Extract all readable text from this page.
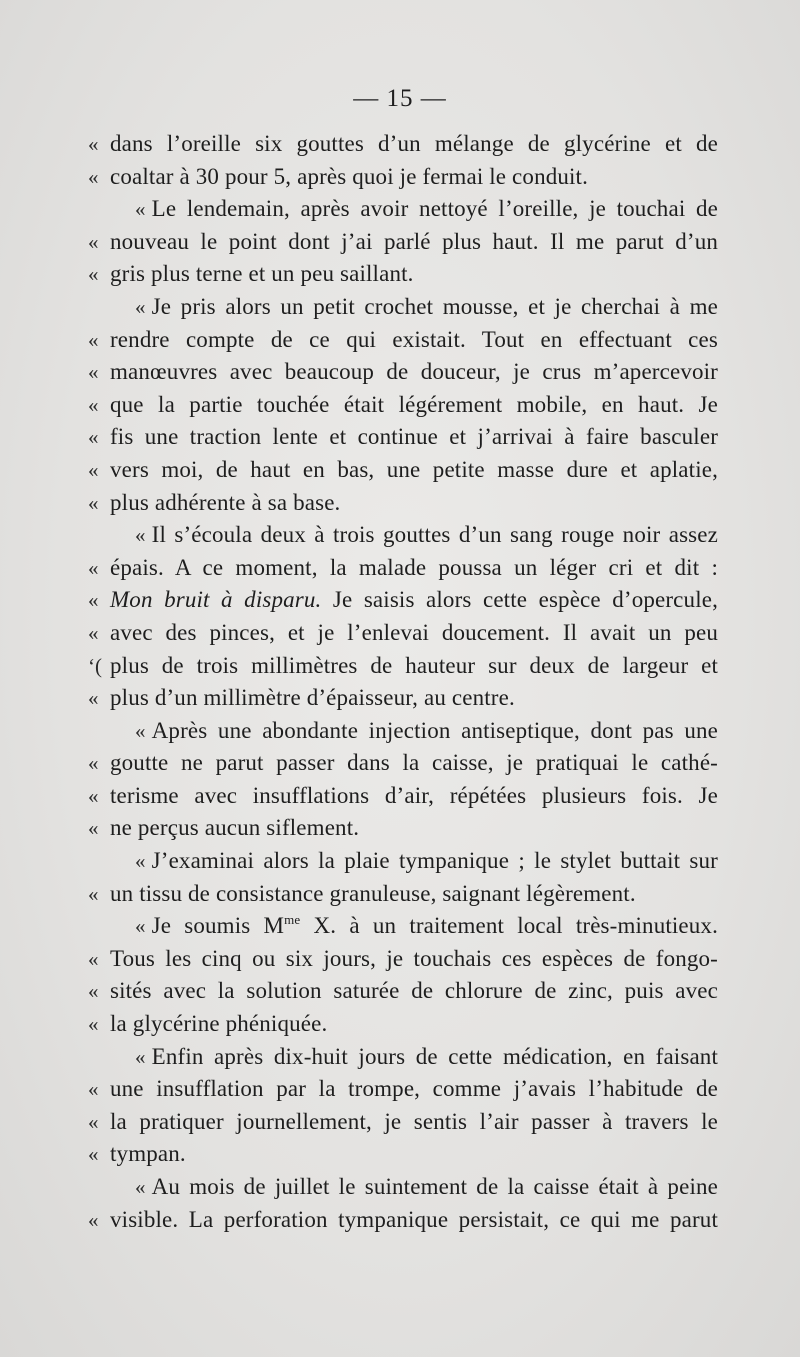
— 15 —
« dans l’oreille six gouttes d’un mélange de glycérine et de
« coaltar à 30 pour 5, après quoi je fermai le conduit.
« Le lendemain, après avoir nettoyé l’oreille, je touchai de
« nouveau le point dont j’ai parlé plus haut. Il me parut d’un
« gris plus terne et un peu saillant.
« Je pris alors un petit crochet mousse, et je cherchai à me
« rendre compte de ce qui existait. Tout en effectuant ces
« manœuvres avec beaucoup de douceur, je crus m’apercevoir
« que la partie touchée était légérement mobile, en haut. Je
« fis une traction lente et continue et j’arrivai à faire basculer
« vers moi, de haut en bas, une petite masse dure et aplatie,
« plus adhérente à sa base.
« Il s’écoula deux à trois gouttes d’un sang rouge noir assez
« épais. A ce moment, la malade poussa un léger cri et dit :
« Mon bruit à disparu. Je saisis alors cette espèce d’opercule,
« avec des pinces, et je l’enlevai doucement. Il avait un peu
‘( plus de trois millimètres de hauteur sur deux de largeur et
« plus d’un millimètre d’épaisseur, au centre.
« Après une abondante injection antiseptique, dont pas une
« goutte ne parut passer dans la caisse, je pratiquai le cathé-
« terisme avec insufflations d’air, répétées plusieurs fois. Je
« ne perçus aucun siflement.
« J’examinai alors la plaie tympanique ; le stylet buttait sur
« un tissu de consistance granuleuse, saignant légèrement.
« Je soumis $M^{me}$ X. à un traitement local très-minutieux.
« Tous les cinq ou six jours, je touchais ces espèces de fongo-
« sités avec la solution saturée de chlorure de zinc, puis avec
« la glycérine phéniquée.
« Enfin après dix-huit jours de cette médication, en faisant
« une insufflation par la trompe, comme j’avais l’habitude de
« la pratiquer journellement, je sentis l’air passer à travers le
« tympan.
« Au mois de juillet le suintement de la caisse était à peine
« visible. La perforation tympanique persistait, ce qui me parut
